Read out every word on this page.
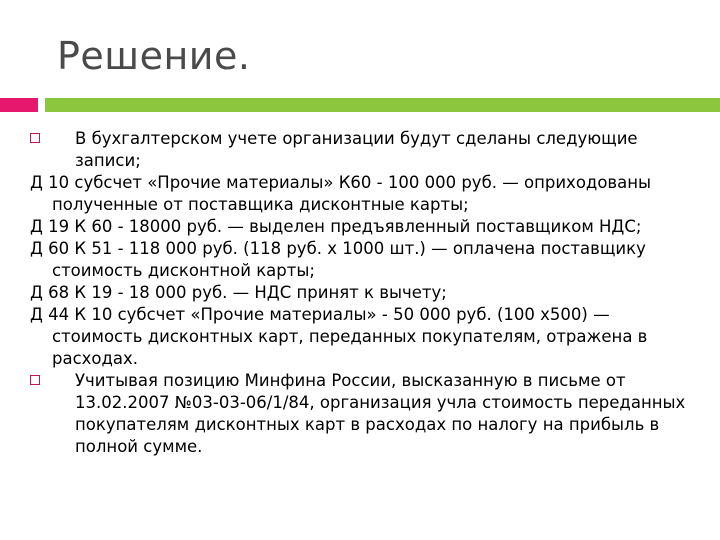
Решение.

В бухгалтерском учете организации будут сделаны следующие записи;

Д 10 субсчет «Прочие материалы» К60 - 100 000 руб. — оприходованы полученные от поставщика дисконтные карты;

Д 19 К 60 - 18000 руб. — выделен предъявленный поставщиком НДС;

Д 60 К 51 - 118 000 руб. (118 руб. х 1000 шт.) — оплачена поставщику стоимость дисконтной карты;

Д 68 К 19 - 18 000 руб. — НДС принят к вычету;

Д 44 К 10 субсчет «Прочие материалы» - 50 000 руб. (100 х500) — стоимость дисконтных карт, переданных покупателям, отражена в расходах.

Учитывая позицию Минфина России, высказанную в письме от 13.02.2007 №03-03-06/1/84, организация учла стоимость переданных покупателям дисконтных карт в расходах по налогу на прибыль в полной сумме.
